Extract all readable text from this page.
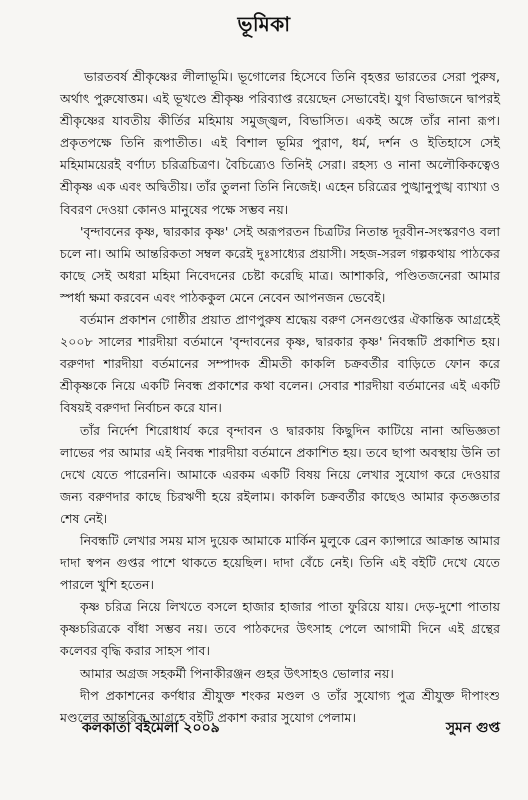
ভূমিকা

ভারতবর্ষ শ্রীকৃষ্ণের লীলাভূমি। ভূগোলের হিসেবে তিনি বৃহত্তর ভারতের সেরা পুরুষ, অর্থাৎ পুরুষোত্তম। এই ভূখণ্ডে শ্রীকৃষ্ণ পরিব্যাপ্ত রয়েছেন সেভাবেই। যুগ বিভাজনে দ্বাপরই শ্রীকৃষ্ণের যাবতীয় কীর্তির মহিমায় সমুজ্জ্বল, বিভাসিত। একই অঙ্গে তাঁর নানা রূপ। প্রকৃতপক্ষে তিনি রূপাতীত। এই বিশাল ভূমির পুরাণ, ধর্ম, দর্শন ও ইতিহাসে সেই মহিমাময়েরই বর্ণাঢ্য চরিত্রচিত্রণ। বৈচিত্র্যেও তিনিই সেরা। রহস্য ও নানা অলৌকিকত্বেও শ্রীকৃষ্ণ এক এবং অদ্বিতীয়। তাঁর তুলনা তিনি নিজেই। এহেন চরিত্রের পুঙ্খানুপুঙ্খ ব্যাখ্যা ও বিবরণ দেওয়া কোনও মানুষের পক্ষে সম্ভব নয়।

'বৃন্দাবনের কৃষ্ণ, দ্বারকার কৃষ্ণ' সেই অরূপরতন চিত্রটির নিতান্ত দূরবীন-সংস্করণও বলা চলে না। আমি আন্তরিকতা সম্বল করেই দুঃসাধ্যের প্রয়াসী। সহজ-সরল গল্পকথায় পাঠকের কাছে সেই অধরা মহিমা নিবেদনের চেষ্টা করেছি মাত্র। আশাকরি, পণ্ডিতজনেরা আমার স্পর্ধা ক্ষমা করবেন এবং পাঠককুল মেনে নেবেন আপনজন ভেবেই।

বর্তমান প্রকাশন গোষ্ঠীর প্রয়াত প্রাণপুরুষ শ্রদ্ধেয় বরুণ সেনগুপ্তের ঐকান্তিক আগ্রহেই ২০০৮ সালের শারদীয়া বর্তমানে 'বৃন্দাবনের কৃষ্ণ, দ্বারকার কৃষ্ণ' নিবন্ধটি প্রকাশিত হয়। বরুণদা শারদীয়া বর্তমানের সম্পাদক শ্রীমতী কাকলি চক্রবর্তীর বাড়িতে ফোন করে শ্রীকৃষ্ণকে নিয়ে একটি নিবন্ধ প্রকাশের কথা বলেন। সেবার শারদীয়া বর্তমানের এই একটি বিষয়ই বরুণদা নির্বাচন করে যান।

তাঁর নির্দেশ শিরোধার্য করে বৃন্দাবন ও দ্বারকায় কিছুদিন কাটিয়ে নানা অভিজ্ঞতা লাভের পর আমার এই নিবন্ধ শারদীয়া বর্তমানে প্রকাশিত হয়। তবে ছাপা অবস্থায় উনি তা দেখে যেতে পারেননি। আমাকে এরকম একটি বিষয় নিয়ে লেখার সুযোগ করে দেওয়ার জন্য বরুণদার কাছে চিরঋণী হয়ে রইলাম। কাকলি চক্রবর্তীর কাছেও আমার কৃতজ্ঞতার শেষ নেই।

নিবন্ধটি লেখার সময় মাস দুয়েক আমাকে মার্কিন মুলুকে ব্রেন ক্যান্সারে আক্রান্ত আমার দাদা স্বপন গুপ্তর পাশে থাকতে হয়েছিল। দাদা বেঁচে নেই। তিনি এই বইটি দেখে যেতে পারলে খুশি হতেন।

কৃষ্ণ চরিত্র নিয়ে লিখতে বসলে হাজার হাজার পাতা ফুরিয়ে যায়। দেড়-দুশো পাতায় কৃষ্ণচরিত্রকে বাঁধা সম্ভব নয়। তবে পাঠকদের উৎসাহ পেলে আগামী দিনে এই গ্রন্থের কলেবর বৃদ্ধি করার সাহস পাব।

আমার অগ্রজ সহকর্মী পিনাকীরঞ্জন গুহর উৎসাহও ভোলার নয়।

দীপ প্রকাশনের কর্ণধার শ্রীযুক্ত শংকর মণ্ডল ও তাঁর সুযোগ্য পুত্র শ্রীযুক্ত দীপাংশু মণ্ডলের আন্তরিক আগ্রহে বইটি প্রকাশ করার সুযোগ পেলাম।

কলকাতা বইমেলা ২০০৯	সুমন গুপ্ত
